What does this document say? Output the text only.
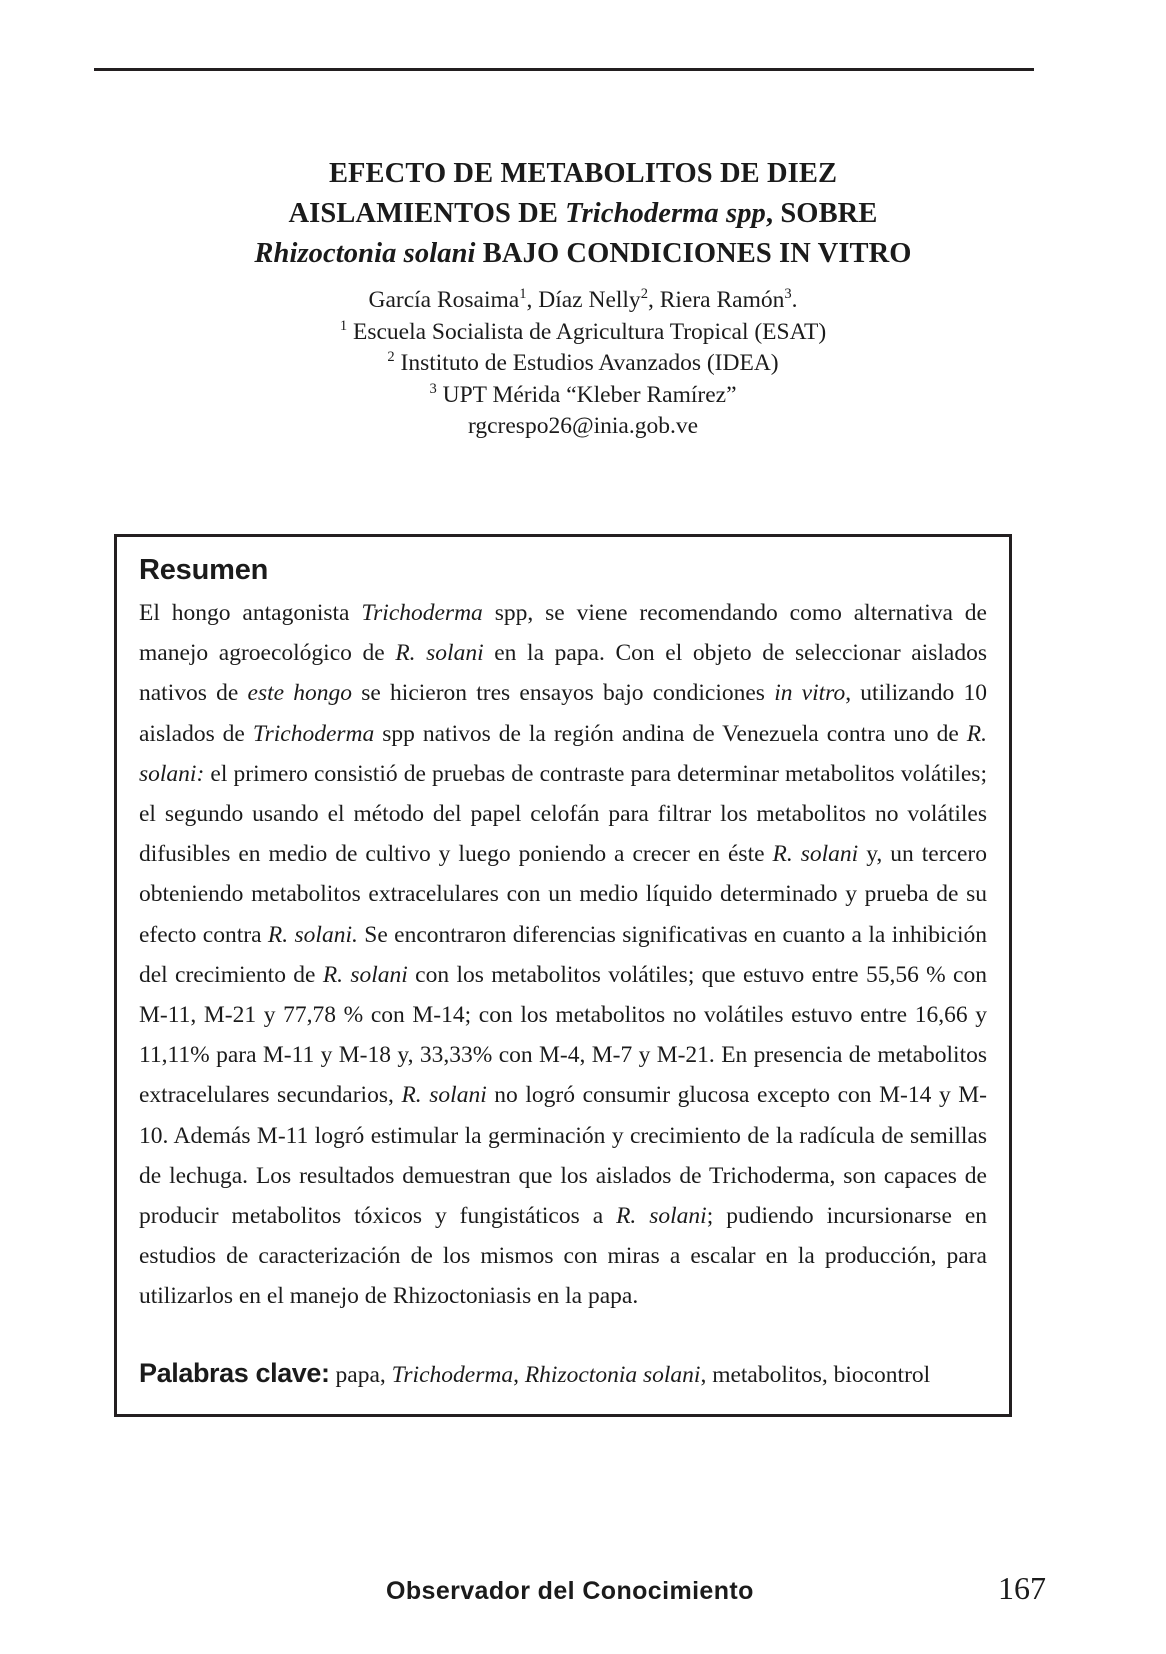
EFECTO DE METABOLITOS DE DIEZ
AISLAMIENTOS DE Trichoderma spp, SOBRE
Rhizoctonia solani BAJO CONDICIONES IN VITRO
García Rosaima$^1$, Díaz Nelly$^2$, Riera Ramón$^3$.
$^1$ Escuela Socialista de Agricultura Tropical (ESAT)
$^2$ Instituto de Estudios Avanzados (IDEA)
$^3$ UPT Mérida “Kleber Ramírez”
rgcrespo26@inia.gob.ve
Resumen

El hongo antagonista Trichoderma spp, se viene recomendando como alternativa de manejo agroecológico de R. solani en la papa. Con el objeto de seleccionar aislados nativos de este hongo se hicieron tres ensayos bajo condiciones in vitro, utilizando 10 aislados de Trichoderma spp nativos de la región andina de Venezuela contra uno de R. solani: el primero consistió de pruebas de contraste para determinar metabolitos volátiles; el segundo usando el método del papel celofán para filtrar los metabolitos no volátiles difusibles en medio de cultivo y luego poniendo a crecer en éste R. solani y, un tercero obteniendo metabolitos extracelulares con un medio líquido determinado y prueba de su efecto contra R. solani. Se encontraron diferencias significativas en cuanto a la inhibición del crecimiento de R. solani con los metabolitos volátiles; que estuvo entre 55,56 % con M-11, M-21 y 77,78 % con M-14; con los metabolitos no volátiles estuvo entre 16,66 y 11,11% para M-11 y M-18 y, 33,33% con M-4, M-7 y M-21. En presencia de metabolitos extracelulares secundarios, R. solani no logró consumir glucosa excepto con M-14 y M-10. Además M-11 logró estimular la germinación y crecimiento de la radícula de semillas de lechuga. Los resultados demuestran que los aislados de Trichoderma, son capaces de producir metabolitos tóxicos y fungistáticos a R. solani; pudiendo incursionarse en estudios de caracterización de los mismos con miras a escalar en la producción, para utilizarlos en el manejo de Rhizoctoniasis en la papa.

Palabras clave: papa, Trichoderma, Rhizoctonia solani, metabolitos, biocontrol
Observador del Conocimiento	167
